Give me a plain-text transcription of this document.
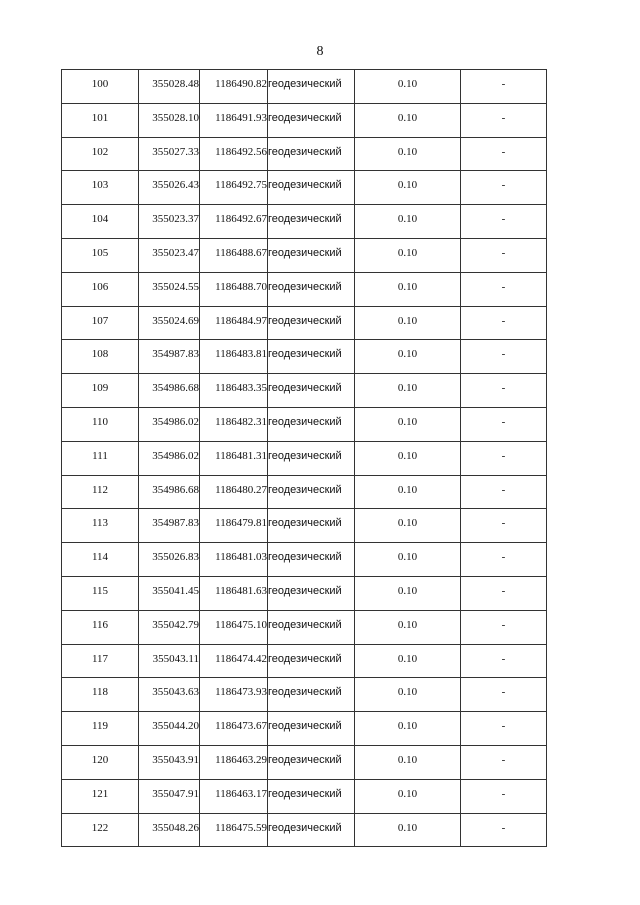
8
100	355028.48	1186490.82	геодезический	0.10	-
101	355028.10	1186491.93	геодезический	0.10	-
102	355027.33	1186492.56	геодезический	0.10	-
103	355026.43	1186492.75	геодезический	0.10	-
104	355023.37	1186492.67	геодезический	0.10	-
105	355023.47	1186488.67	геодезический	0.10	-
106	355024.55	1186488.70	геодезический	0.10	-
107	355024.69	1186484.97	геодезический	0.10	-
108	354987.83	1186483.81	геодезический	0.10	-
109	354986.68	1186483.35	геодезический	0.10	-
110	354986.02	1186482.31	геодезический	0.10	-
111	354986.02	1186481.31	геодезический	0.10	-
112	354986.68	1186480.27	геодезический	0.10	-
113	354987.83	1186479.81	геодезический	0.10	-
114	355026.83	1186481.03	геодезический	0.10	-
115	355041.45	1186481.63	геодезический	0.10	-
116	355042.79	1186475.10	геодезический	0.10	-
117	355043.11	1186474.42	геодезический	0.10	-
118	355043.63	1186473.93	геодезический	0.10	-
119	355044.20	1186473.67	геодезический	0.10	-
120	355043.91	1186463.29	геодезический	0.10	-
121	355047.91	1186463.17	геодезический	0.10	-
122	355048.26	1186475.59	геодезический	0.10	-
